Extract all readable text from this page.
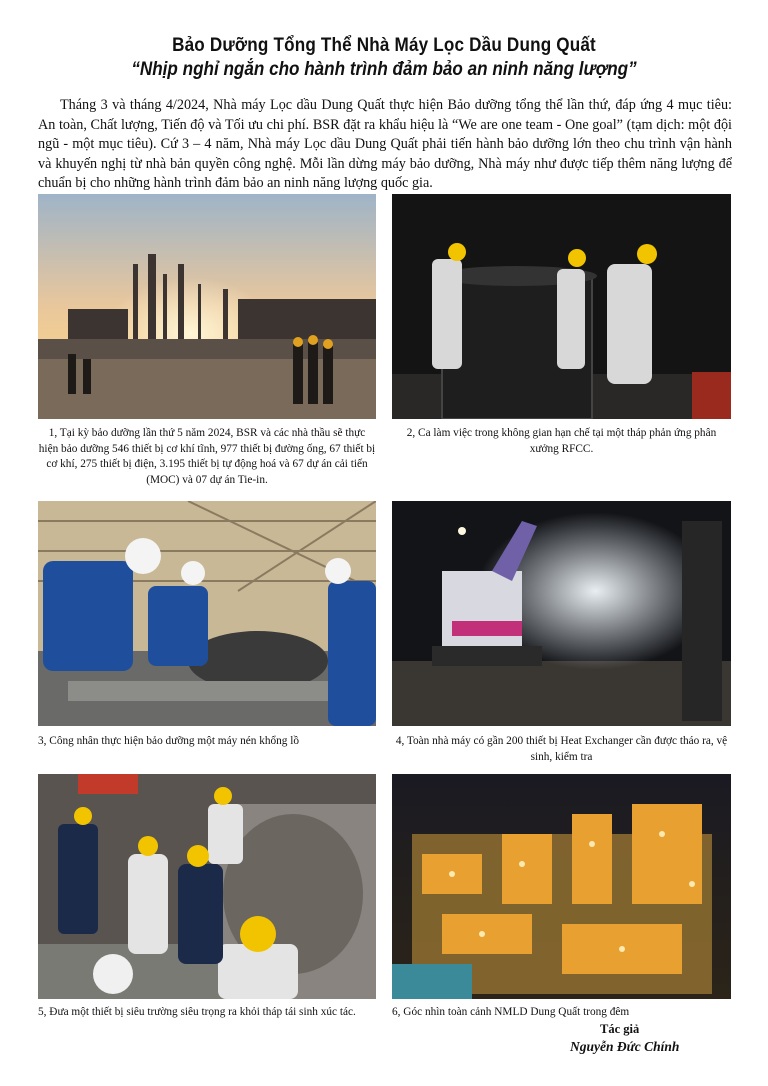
Bảo Dưỡng Tổng Thể Nhà Máy Lọc Dầu Dung Quất
“Nhịp nghỉ ngắn cho hành trình đảm bảo an ninh năng lượng”

Tháng 3 và tháng 4/2024, Nhà máy Lọc dầu Dung Quất thực hiện Bảo dưỡng tổng thể lần thứ, đáp ứng 4 mục tiêu: An toàn, Chất lượng, Tiến độ và Tối ưu chi phí. BSR đặt ra khẩu hiệu là “We are one team - One goal” (tạm dịch: một đội ngũ - một mục tiêu). Cứ 3 – 4 năm, Nhà máy Lọc dầu Dung Quất phải tiến hành bảo dưỡng lớn theo chu trình vận hành và khuyến nghị từ nhà bản quyền công nghệ. Mỗi lần dừng máy bảo dưỡng, Nhà máy như được tiếp thêm năng lượng để chuẩn bị cho những hành trình đảm bảo an ninh năng lượng quốc gia.

1, Tại kỳ bảo dưỡng lần thứ 5 năm 2024, BSR và các nhà thầu sẽ thực hiện bảo dưỡng 546 thiết bị cơ khí tĩnh, 977 thiết bị đường ống, 67 thiết bị cơ khí, 275 thiết bị điện, 3.195 thiết bị tự động hoá và 67 dự án cải tiến (MOC) và 07 dự án Tie-in.

2, Ca làm việc trong không gian hạn chế tại một tháp phản ứng phân xưởng RFCC.

3, Công nhân thực hiện bảo dưỡng một máy nén khổng lồ	4, Toàn nhà máy có gần 200 thiết bị Heat Exchanger cần được tháo ra, vệ sinh, kiểm tra

5, Đưa một thiết bị siêu trường siêu trọng ra khỏi tháp tái sinh xúc tác.	6, Góc nhìn toàn cảnh NMLD Dung Quất trong đêm

Tác giả
Nguyễn Đức Chính
